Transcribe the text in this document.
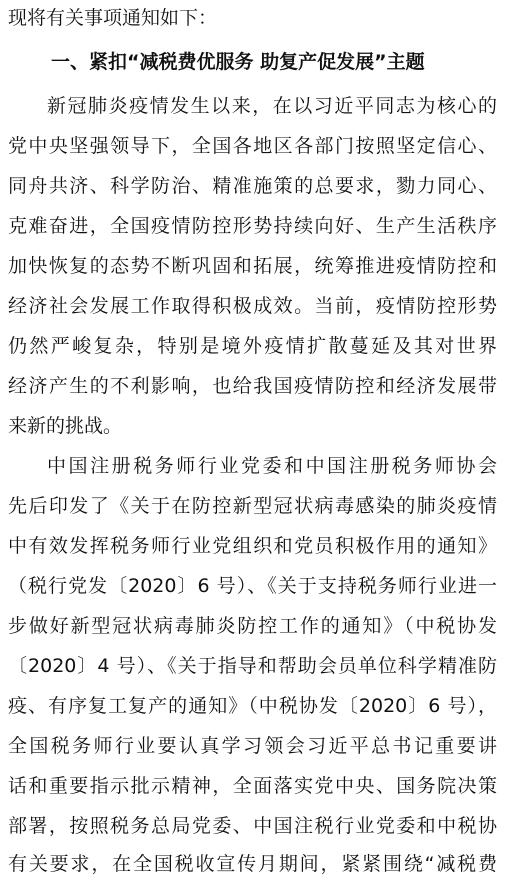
现将有关事项通知如下：
一、紧扣“减税费优服务 助复产促发展”主题
新冠肺炎疫情发生以来，在以习近平同志为核心的
党中央坚强领导下，全国各地区各部门按照坚定信心、
同舟共济、科学防治、精准施策的总要求，勠力同心、
克难奋进，全国疫情防控形势持续向好、生产生活秩序
加快恢复的态势不断巩固和拓展，统筹推进疫情防控和
经济社会发展工作取得积极成效。当前，疫情防控形势
仍然严峻复杂，特别是境外疫情扩散蔓延及其对世界
经济产生的不利影响，也给我国疫情防控和经济发展带
来新的挑战。
中国注册税务师行业党委和中国注册税务师协会
先后印发了《关于在防控新型冠状病毒感染的肺炎疫情
中有效发挥税务师行业党组织和党员积极作用的通知》
（税行党发〔2020〕6 号）、《关于支持税务师行业进一
步做好新型冠状病毒肺炎防控工作的通知》（中税协发
〔2020〕4 号）、《关于指导和帮助会员单位科学精准防
疫、有序复工复产的通知》（中税协发〔2020〕6 号），
全国税务师行业要认真学习领会习近平总书记重要讲
话和重要指示批示精神，全面落实党中央、国务院决策
部署，按照税务总局党委、中国注税行业党委和中税协
有关要求，在全国税收宣传月期间，紧紧围绕“减税费
